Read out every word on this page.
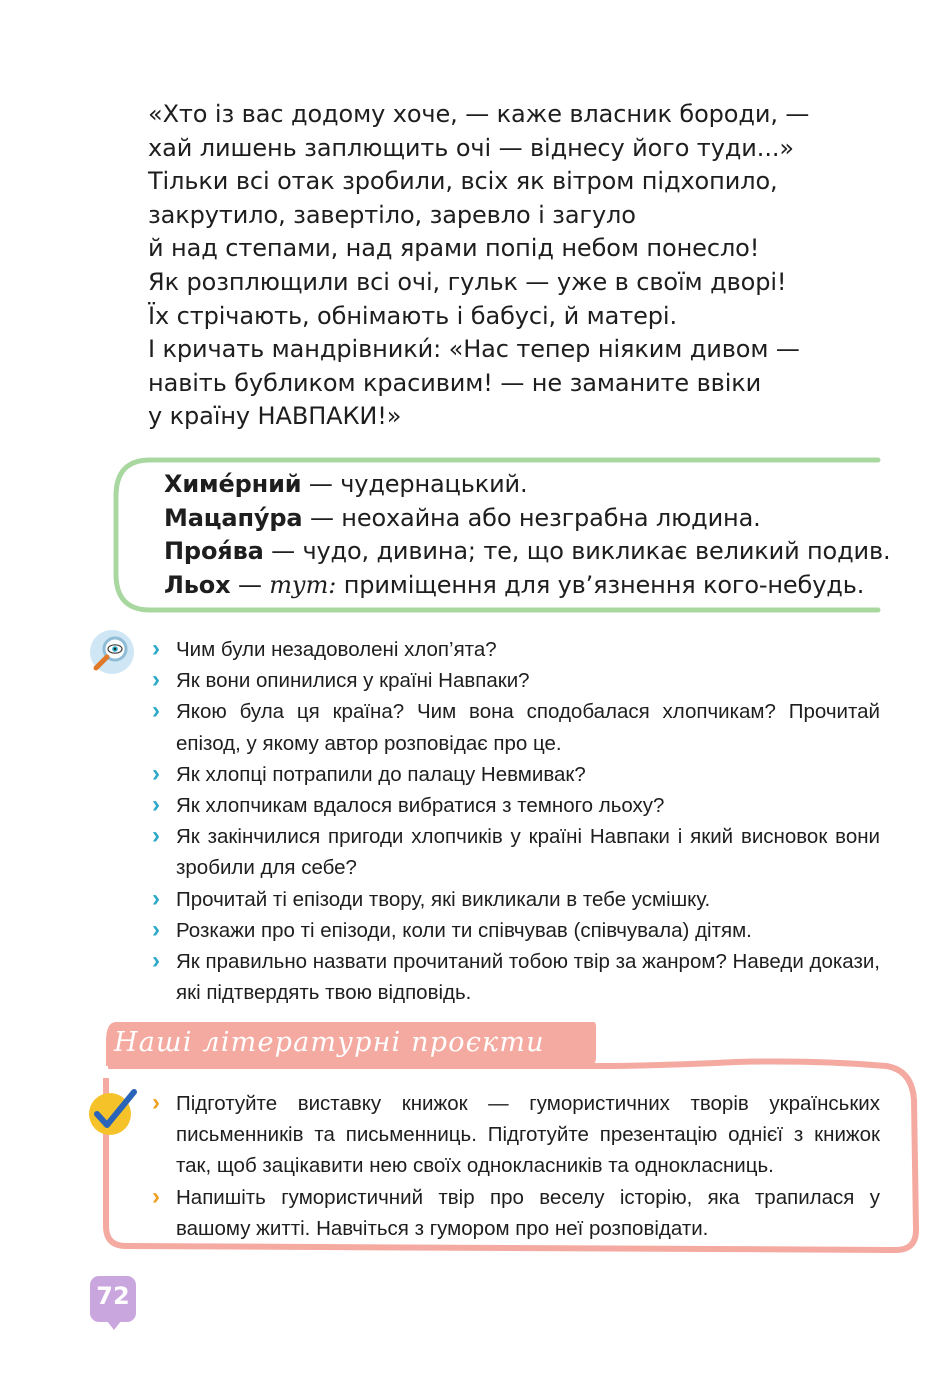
«Хто із вас додому хоче, — каже власник бороди, —
хай лишень заплющить очі — віднесу його туди...»
Тільки всі отак зробили, всіх як вітром підхопило,
закрутило, завертіло, заревло і загуло
й над степами, над ярами попід небом понесло!
Як розплющили всі очі, гульк — уже в своїм дворі!
Їх стрічають, обнімають і бабусі, й матері.
І кричать мандрівники́: «Нас тепер ніяким дивом —
навіть бубликом красивим! — не заманите ввіки
у країну НАВПАКИ!»
Химе́рний — чудернацький.
Мацапу́ра — неохайна або незграбна людина.
Проя́ва — чудо, дивина; те, що викликає великий подив.
Льох — тут: приміщення для ув’язнення кого-небудь.
› Чим були незадоволені хлоп’ята?
› Як вони опинилися у країні Навпаки?
› Якою була ця країна? Чим вона сподобалася хлопчикам? Прочитай епізод, у якому автор розповідає про це.
› Як хлопці потрапили до палацу Невмивак?
› Як хлопчикам вдалося вибратися з темного льоху?
› Як закінчилися пригоди хлопчиків у країні Навпаки і який висновок вони зробили для себе?
› Прочитай ті епізоди твору, які викликали в тебе усмішку.
› Розкажи про ті епізоди, коли ти співчував (співчувала) дітям.
› Як правильно назвати прочитаний тобою твір за жанром? Наведи докази, які підтвердять твою відповідь.
Наші літературні проєкти
› Підготуйте виставку книжок — гумористичних творів українських письменників та письменниць. Підготуйте презентацію однієї з книжок так, щоб зацікавити нею своїх однокласників та однокласниць.
› Напишіть гумористичний твір про веселу історію, яка трапилася у вашому житті. Навчіться з гумором про неї розповідати.
72
